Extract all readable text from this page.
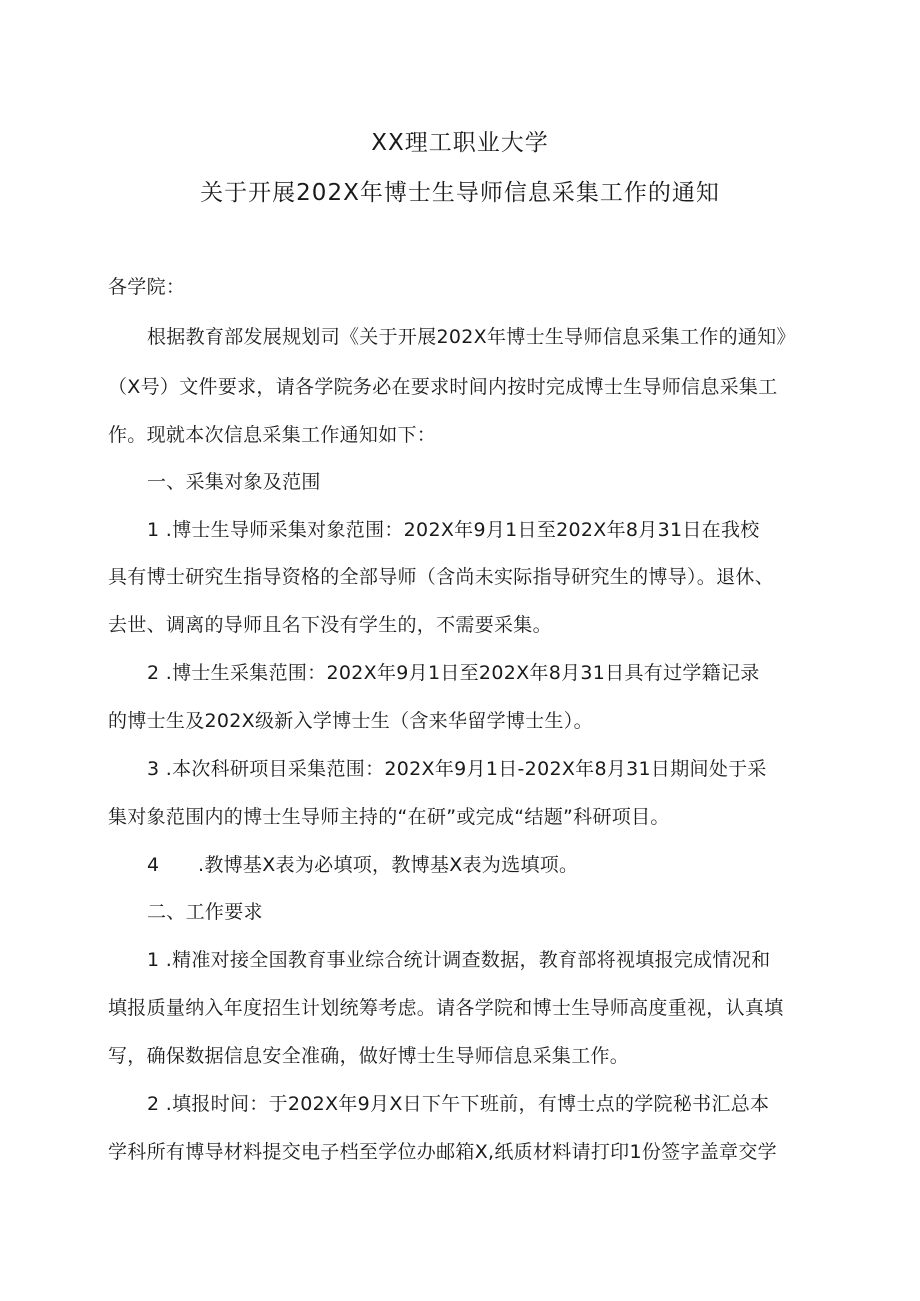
XX理工职业大学
关于开展202X年博士生导师信息采集工作的通知
各学院：
根据教育部发展规划司《关于开展202X年博士生导师信息采集工作的通知》
（X号）文件要求，请各学院务必在要求时间内按时完成博士生导师信息采集工
作。现就本次信息采集工作通知如下：
一、采集对象及范围
1 .博士生导师采集对象范围：202X年9月1日至202X年8月31日在我校
具有博士研究生指导资格的全部导师（含尚未实际指导研究生的博导）。退休、
去世、调离的导师且名下没有学生的，不需要采集。
2 .博士生采集范围：202X年9月1日至202X年8月31日具有过学籍记录
的博士生及202X级新入学博士生（含来华留学博士生）。
3 .本次科研项目采集范围：202X年9月1日-202X年8月31日期间处于采
集对象范围内的博士生导师主持的“在研”或完成“结题”科研项目。
4　　.教博基X表为必填项，教博基X表为选填项。
二、工作要求
1 .精准对接全国教育事业综合统计调查数据，教育部将视填报完成情况和
填报质量纳入年度招生计划统筹考虑。请各学院和博士生导师高度重视，认真填
写，确保数据信息安全准确，做好博士生导师信息采集工作。
2 .填报时间：于202X年9月X日下午下班前，有博士点的学院秘书汇总本
学科所有博导材料提交电子档至学位办邮箱X,纸质材料请打印1份签字盖章交学
